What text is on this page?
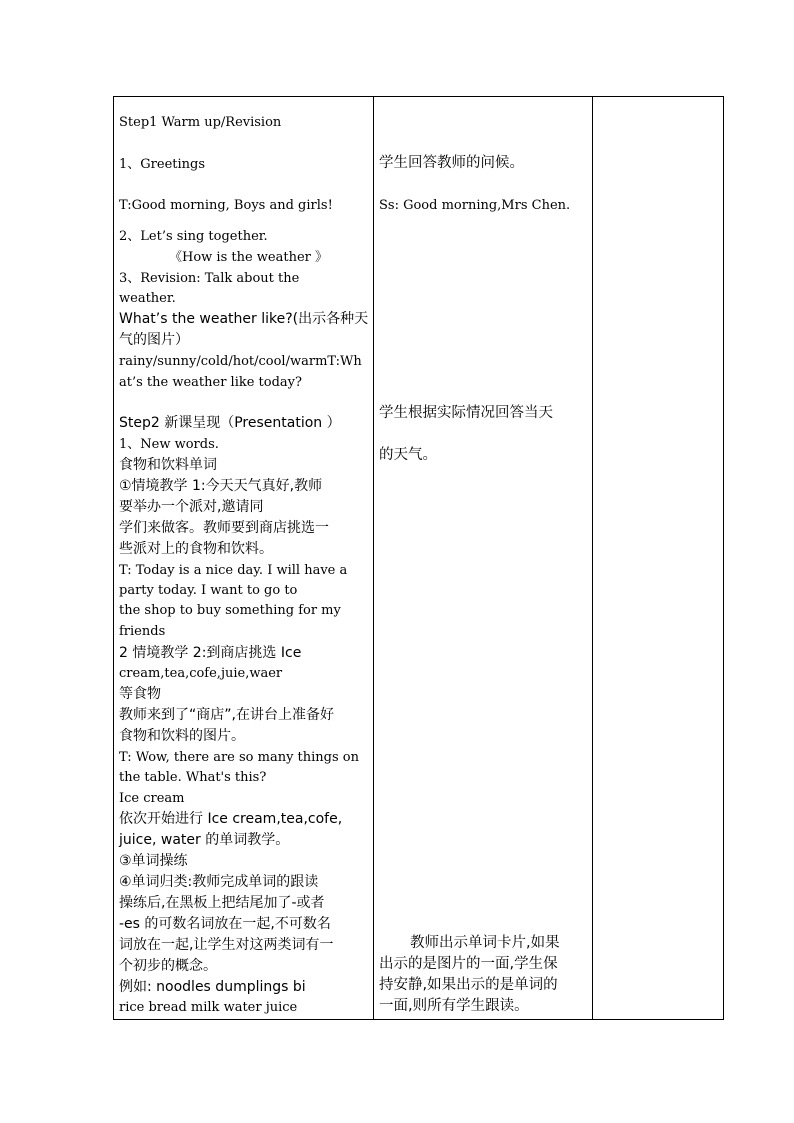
Step1 Warm up/Revision
1、Greetings
T:Good morning, Boys and girls!
2、Let’s sing together.
《How is the weather 》
3、Revision: Talk about the
weather.
What’s the weather like?(出示各种天
气的图片）
rainy/sunny/cold/hot/cool/warmT:Wh
at’s the weather like today?
Step2 新课呈现（Presentation ）
1、New words.
食物和饮料单词
①情境教学 1:今天天气真好,教师
要举办一个派对,邀请同
学们来做客。教师要到商店挑选一
些派对上的食物和饮料。
T: Today is a nice day. I will have a
party today. I want to go to
the shop to buy something for my
friends
2 情境教学 2:到商店挑选 Ice
cream,tea,cofe,juie,waer
等食物
教师来到了“商店”,在讲台上准备好
食物和饮料的图片。
T: Wow, there are so many things on
the table. What's this?
Ice cream
依次开始进行 Ice cream,tea,cofe,
juice, water 的单词教学。
③单词操练
④单词归类:教师完成单词的跟读
操练后,在黑板上把结尾加了-或者
-es 的可数名词放在一起,不可数名
词放在一起,让学生对这两类词有一
个初步的概念。
例如: noodles dumplings bi
rice bread milk water juice
学生回答教师的问候。
Ss: Good morning,Mrs Chen.
学生根据实际情况回答当天
的天气。
教师出示单词卡片,如果
出示的是图片的一面,学生保
持安静,如果出示的是单词的
一面,则所有学生跟读。
